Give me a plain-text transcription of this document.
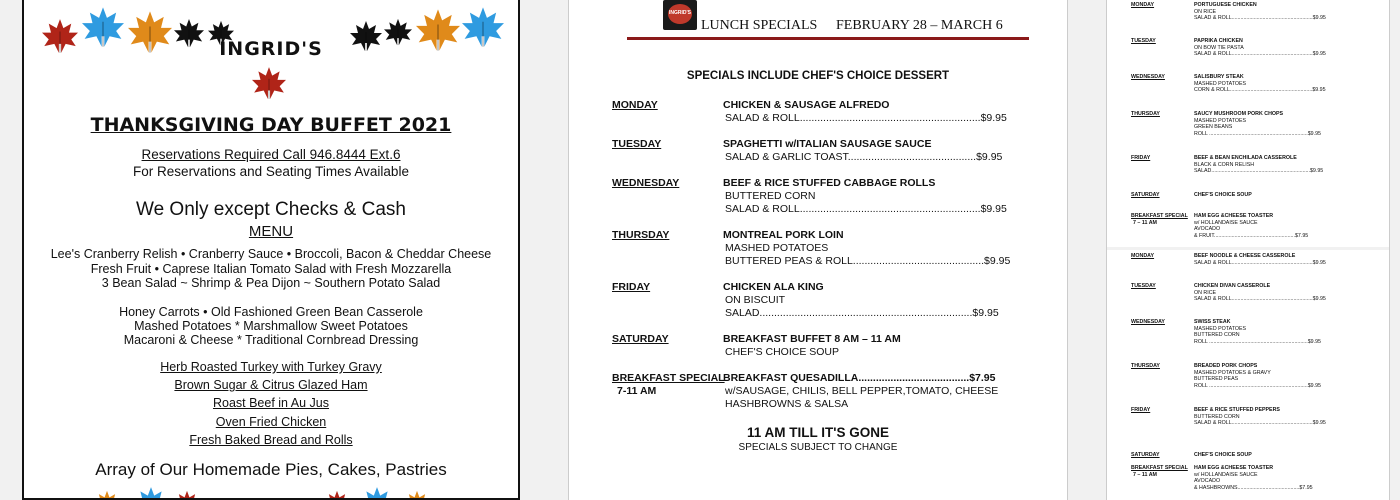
INGRID'S
THANKSGIVING DAY BUFFET 2021
Reservations Required Call 946.8444 Ext.6
For Reservations and Seating Times Available
We Only except Checks & Cash
MENU
Lee's Cranberry Relish • Cranberry Sauce • Broccoli, Bacon & Cheddar Cheese
Fresh Fruit • Caprese Italian Tomato Salad with Fresh Mozzarella
3 Bean Salad ~ Shrimp & Pea Dijon ~ Southern Potato Salad
Honey Carrots • Old Fashioned Green Bean Casserole
Mashed Potatoes * Marshmallow Sweet Potatoes
Macaroni & Cheese * Traditional Cornbread Dressing
Herb Roasted Turkey with Turkey Gravy
Brown Sugar & Citrus Glazed Ham
Roast Beef in Au Jus
Oven Fried Chicken
Fresh Baked Bread and Rolls
Array of Our Homemade Pies, Cakes, Pastries
INGRID'S
LUNCH SPECIALS FEBRUARY 28 – MARCH 6
SPECIALS INCLUDE CHEF'S CHOICE DESSERT
MONDAY	CHICKEN & SAUSAGE ALFREDO
SALAD & ROLL..............................................................$9.95
TUESDAY	SPAGHETTI w/ITALIAN SAUSAGE SAUCE
SALAD & GARLIC TOAST............................................$9.95
WEDNESDAY	BEEF & RICE STUFFED CABBAGE ROLLS
BUTTERED CORN
SALAD & ROLL..............................................................$9.95
THURSDAY	MONTREAL PORK LOIN
MASHED POTATOES
BUTTERED PEAS & ROLL.............................................$9.95
FRIDAY	CHICKEN ALA KING
ON BISCUIT
SALAD.........................................................................$9.95
SATURDAY	BREAKFAST BUFFET 8 AM – 11 AM
CHEF'S CHOICE SOUP
BREAKFAST SPECIAL
7-11 AM
BREAKFAST QUESADILLA......................................$7.95
w/SAUSAGE, CHILIS, BELL PEPPER,TOMATO, CHEESE
HASHBROWNS & SALSA
11 AM TILL IT'S GONE
SPECIALS SUBJECT TO CHANGE
MONDAY	PORTUGUESE CHICKEN
ON RICE
SALAD & ROLL.......................................................$9.95
TUESDAY	PAPRIKA CHICKEN
ON BOW TIE PASTA
SALAD & ROLL.......................................................$9.95
WEDNESDAY	SALISBURY STEAK
MASHED POTATOES
CORN & ROLL........................................................$9.95
THURSDAY	SAUCY MUSHROOM PORK CHOPS
MASHED POTATOES
GREEN BEANS
ROLL ...................................................................$9.95
FRIDAY	BEEF & BEAN ENCHILADA CASSEROLE
BLACK & CORN RELISH
SALAD...................................................................$9.95
SATURDAY	CHEF'S CHOICE SOUP
BREAKFAST SPECIAL
7 – 11 AM
HAM EGG &CHEESE TOASTER
w/ HOLLANDAISE SAUCE
AVOCADO
& FRUIT.......................................................$7.95
MONDAY	BEEF NOODLE & CHEESE CASSEROLE
SALAD & ROLL.......................................................$9.95
TUESDAY	CHICKEN DIVAN CASSEROLE
ON RICE
SALAD & ROLL.......................................................$9.95
WEDNESDAY	SWISS STEAK
MASHED POTATOES
BUTTERED CORN
ROLL ...................................................................$9.95
THURSDAY	BREADED PORK CHOPS
MASHED POTATOES & GRAVY
BUTTERED PEAS
ROLL ...................................................................$9.95
FRIDAY	BEEF & RICE STUFFED PEPPERS
BUTTERED CORN
SALAD & ROLL.......................................................$9.95
SATURDAY	CHEF'S CHOICE SOUP
BREAKFAST SPECIAL
7 – 11 AM
HAM EGG &CHEESE TOASTER
w/ HOLLANDAISE SAUCE
AVOCADO
& HASHBROWNS..........................................$7.95
